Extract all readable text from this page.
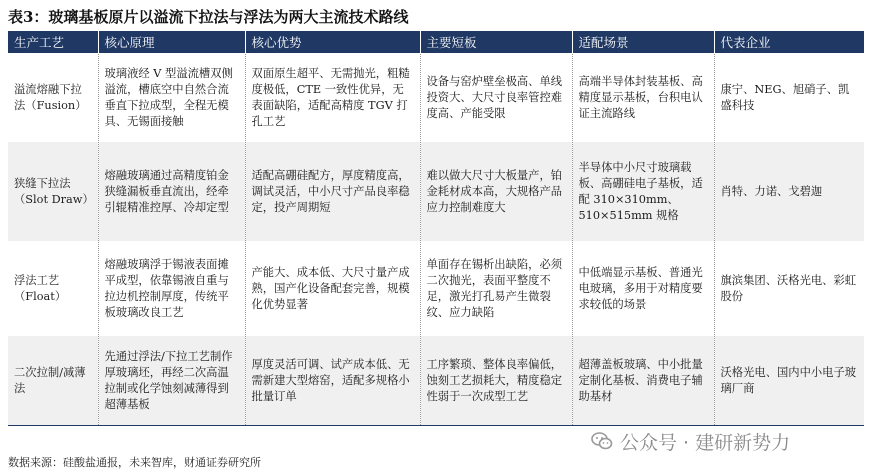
表3：玻璃基板原片以溢流下拉法与浮法为两大主流技术路线
生产工艺	核心原理	核心优势	主要短板	适配场景	代表企业
溢流熔融下拉法（Fusion）	玻璃液经 V 型溢流槽双侧溢流，槽底空中自然合流垂直下拉成型，全程无模具、无锡面接触	双面原生超平、无需抛光，粗糙度极低，CTE 一致性优异，无表面缺陷，适配高精度 TGV 打孔工艺	设备与窑炉壁垒极高、单线投资大、大尺寸良率管控难度高、产能受限	高端半导体封装基板、高精度显示基板，台积电认证主流路线	康宁、NEG、旭硝子、凯盛科技
狭缝下拉法（Slot Draw）	熔融玻璃通过高精度铂金狭缝漏板垂直流出，经牵引辊精准控厚、冷却定型	适配高硼硅配方，厚度精度高，调试灵活，中小尺寸产品良率稳定，投产周期短	难以做大尺寸大板量产，铂金耗材成本高，大规格产品应力控制难度大	半导体中小尺寸玻璃载板、高硼硅电子基板，适配 310×310mm、510×515mm 规格	肖特、力诺、戈碧迦
浮法工艺（Float）	熔融玻璃浮于锡液表面摊平成型，依靠锡液自重与拉边机控制厚度，传统平板玻璃改良工艺	产能大、成本低、大尺寸量产成熟，国产化设备配套完善，规模化优势显著	单面存在锡析出缺陷，必须二次抛光，表面平整度不足，激光打孔易产生微裂纹、应力缺陷	中低端显示基板、普通光电玻璃，多用于对精度要求较低的场景	旗滨集团、沃格光电、彩虹股份
二次拉制/减薄法	先通过浮法/下拉工艺制作厚玻璃坯，再经二次高温拉制或化学蚀刻减薄得到超薄基板	厚度灵活可调、试产成本低、无需新建大型熔窑，适配多规格小批量订单	工序繁琐、整体良率偏低，蚀刻工艺损耗大，精度稳定性弱于一次成型工艺	超薄盖板玻璃、中小批量定制化基板、消费电子辅助基材	沃格光电、国内中小电子玻璃厂商
数据来源：硅酸盐通报，未来智库，财通证券研究所
公众号 · 建研新势力
